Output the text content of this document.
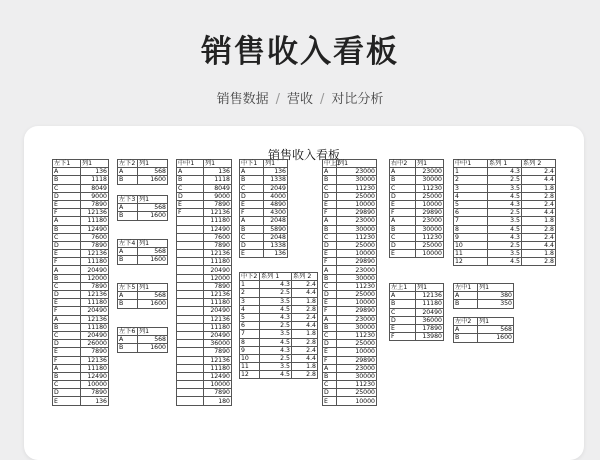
销售收入看板
销售数据 / 营收 / 对比分析
销售收入看板
左下1	列1
A	136
B	1118
C	8049
D	9000
E	7890
F	12136
A	11180
B	12490
C	7600
D	7890
E	12136
F	11180
A	20490
B	12000
C	7890
D	12136
E	11180
F	20490
A	12136
B	11180
C	20490
D	26000
E	7890
F	12136
A	11180
B	12490
C	10000
D	7890
E	136
左下2	列1
A	568
B	1600
左下3	列1
A	568
B	1600
左下4	列1
A	568
B	1600
左下5	列1
A	568
B	1600
左下6	列1
A	568
B	1600
中中1	列1
A	136
B	1118
C	8049
D	9000
E	7890
F	12136
	11180
	12490
	7600
	7890
	12136
	11180
	20490
	12000
	7890
	12136
	11180
	20490
	12136
	11180
	20490
	36000
	7890
	12136
	11180
	12490
	10000
	7890
	180
中下1	列1
A	136
B	1338
C	2049
D	4000
E	4890
F	4300
A	2048
B	5890
C	2048
D	1338
E	136
中下2	系列 1	系列 2
1	4.3	2.4
2	2.5	4.4
3	3.5	1.8
4	4.5	2.8
5	4.3	2.4
6	2.5	4.4
7	3.5	1.8
8	4.5	2.8
9	4.3	2.4
10	2.5	4.4
11	3.5	1.8
12	4.5	2.8
中上1	列1
A	23000
B	30000
C	11230
D	25000
E	10000
F	29890
A	23000
B	30000
C	11230
D	25000
E	10000
F	29890
A	23000
B	30000
C	11230
D	25000
E	10000
F	29890
A	23000
B	30000
C	11230
D	25000
E	10000
F	29890
A	23000
B	30000
C	11230
D	25000
E	10000
右中2	列1
A	23000
B	30000
C	11230
D	25000
E	10000
F	29890
A	23000
B	30000
C	11230
D	25000
E	10000
左上1	列1
A	12136
B	11180
C	20490
D	36000
E	17890
F	13980
中中1	系列 1	系列 2
1	4.3	2.4
2	2.5	4.4
3	3.5	1.8
4	4.5	2.8
5	4.3	2.4
6	2.5	4.4
7	3.5	1.8
8	4.5	2.8
9	4.3	2.4
10	2.5	4.4
11	3.5	1.8
12	4.5	2.8
左中1	列1
A	380
B	350
左中2	列1
A	568
B	1600
